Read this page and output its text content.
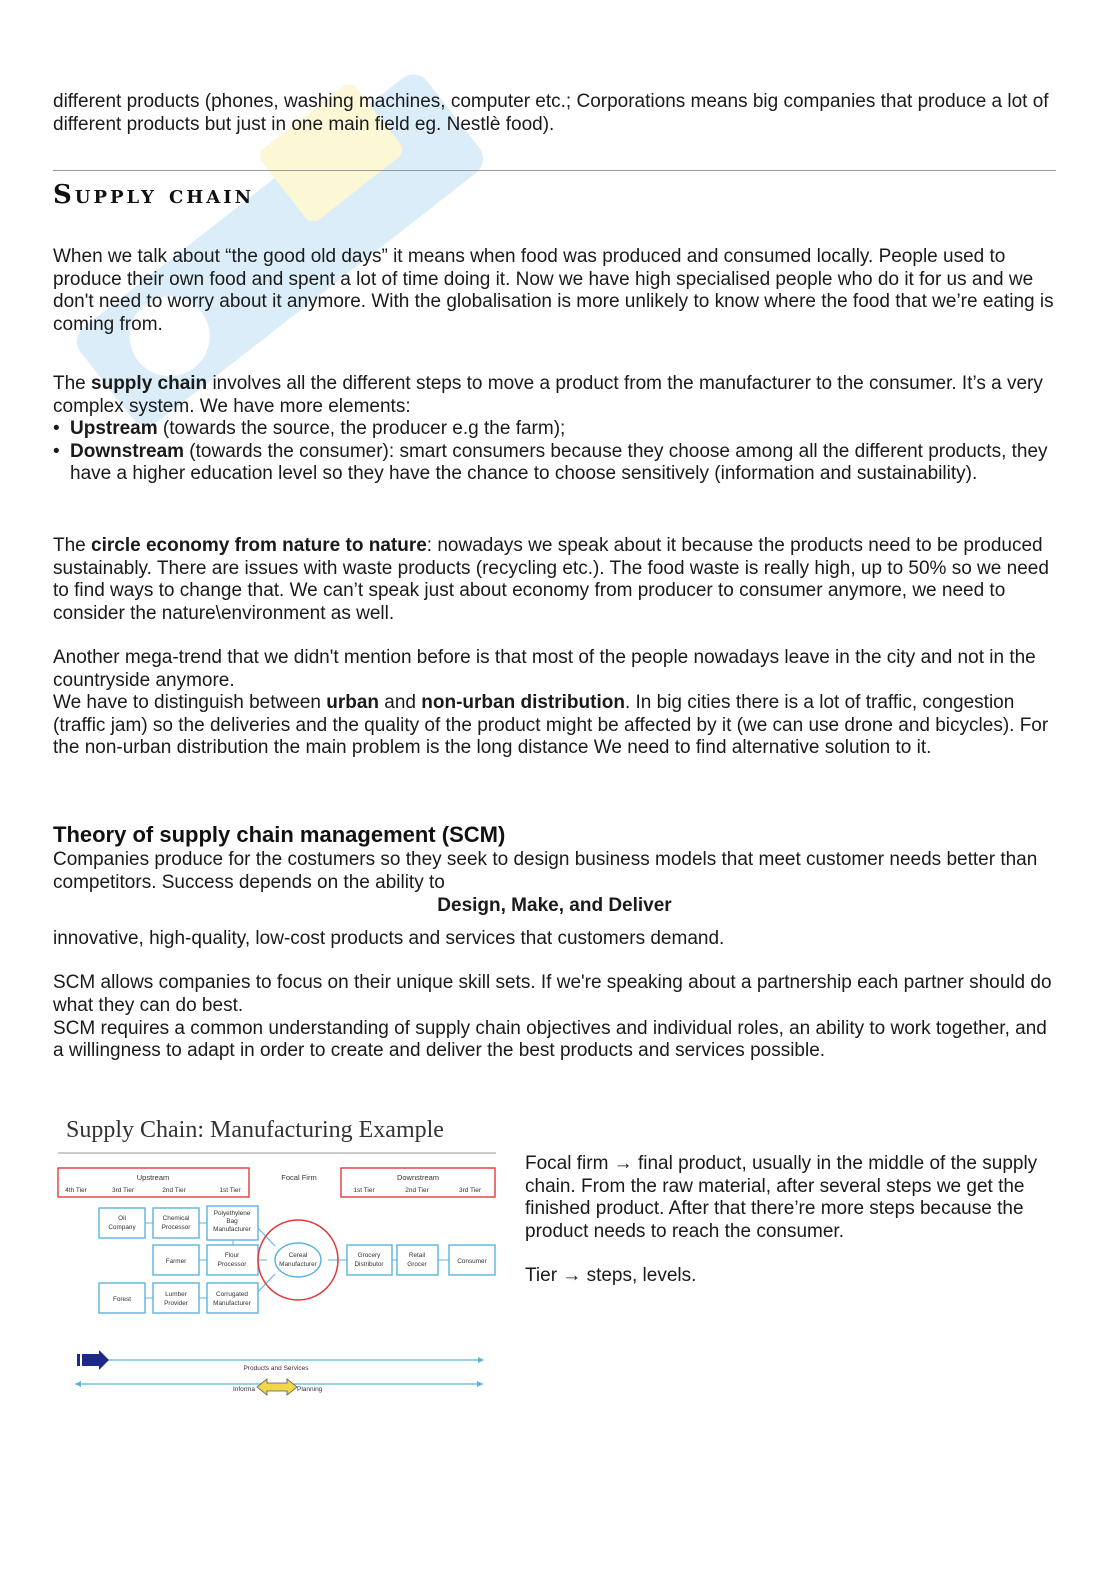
different products (phones, washing machines, computer etc.; Corporations means big companies that produce a lot of different products but just in one main field eg. Nestlè food).

Supply chain

When we talk about “the good old days” it means when food was produced and consumed locally. People used to produce their own food and spent a lot of time doing it. Now we have high specialised people who do it for us and we don't need to worry about it anymore. With the globalisation is more unlikely to know where the food that we’re eating is coming from.

The supply chain involves all the different steps to move a product from the manufacturer to the consumer. It’s a very complex system. We have more elements:

• Upstream (towards the source, the producer e.g the farm);
• Downstream (towards the consumer): smart consumers because they choose among all the different products, they have a higher education level so they have the chance to choose sensitively (information and sustainability).

The circle economy from nature to nature: nowadays we speak about it because the products need to be produced sustainably. There are issues with waste products (recycling etc.). The food waste is really high, up to 50% so we need to find ways to change that. We can’t speak just about economy from producer to consumer anymore, we need to consider the nature\environment as well.

Another mega-trend that we didn't mention before is that most of the people nowadays leave in the city and not in the countryside anymore.

We have to distinguish between urban and non-urban distribution. In big cities there is a lot of traffic, congestion (traffic jam) so the deliveries and the quality of the product might be affected by it (we can use drone and bicycles). For the non-urban distribution the main problem is the long distance We need to find alternative solution to it.

Theory of supply chain management (SCM)

Companies produce for the costumers so they seek to design business models that meet customer needs better than competitors. Success depends on the ability to

Design, Make, and Deliver

innovative, high-quality, low-cost products and services that customers demand.

SCM allows companies to focus on their unique skill sets. If we're speaking about a partnership each partner should do what they can do best.

SCM requires a common understanding of supply chain objectives and individual roles, an ability to work together, and a willingness to adapt in order to create and deliver the best products and services possible.

Upstream
4th Tier	3rd Tier	2nd Tier	1st Tier
Focal Firm	Downstream
1st Tier	2nd Tier	3rd Tier
Oil
Company
Chemical
Processor
Polyethylene
Bag
Manufacturer
Farmer
Flour
Processor
Cereal
Manufacturer
Grocery
Distributor
Retail
Grocer	Consumer
Forest
Lumber
Provider
Corrugated
Manufacturer
Products and Services
Informa	Planning

Supply Chain: Manufacturing Example

Focal firm → final product, usually in the middle of the supply chain. From the raw material, after several steps we get the finished product. After that there’re more steps because the product needs to reach the consumer.

Tier → steps, levels.
